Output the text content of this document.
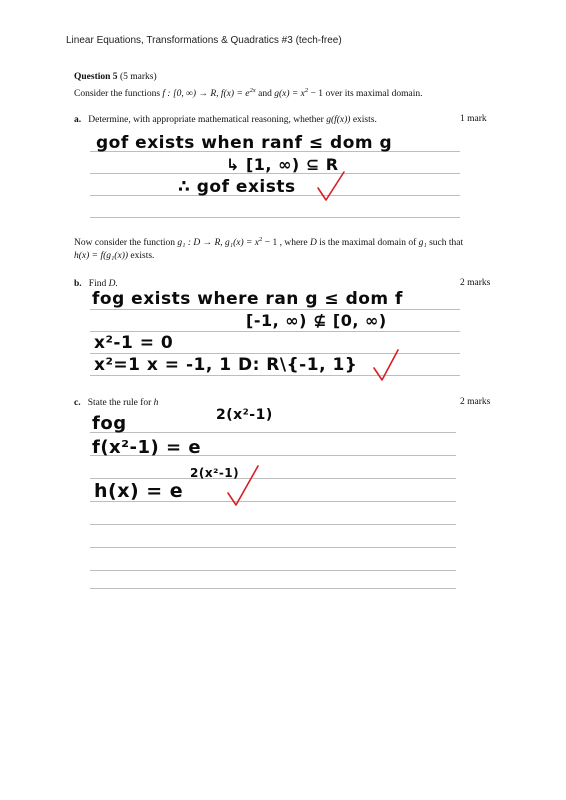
Linear Equations, Transformations & Quadratics #3 (tech-free)
Question 5 (5 marks)
Consider the functions f : [0, ∞) → R, $f(x) = e^{2x}$ and $g(x) = x^2 - 1$ over its maximal domain.
a. Determine, with appropriate mathematical reasoning, whether g(f(x)) exists.	1 mark
gof exists when ranf ≤ dom g
↳ [1, ∞) ⊆ R
∴ gof exists
Now consider the function g₁ : D → R, $g_1(x) = x^2 - 1$ , where D is the maximal domain of g₁ such that
h(x) = f(g₁(x)) exists.
b. Find D.	2 marks
fog exists where ran g ≤ dom f
[-1, ∞) ⊈ [0, ∞)
x²-1 = 0
x²=1 x = -1, 1 D: R\{-1, 1}
c. State the rule for h	2 marks
fog	2(x²-1)
f(x²-1) = e
h(x) = e
2(x²-1)
